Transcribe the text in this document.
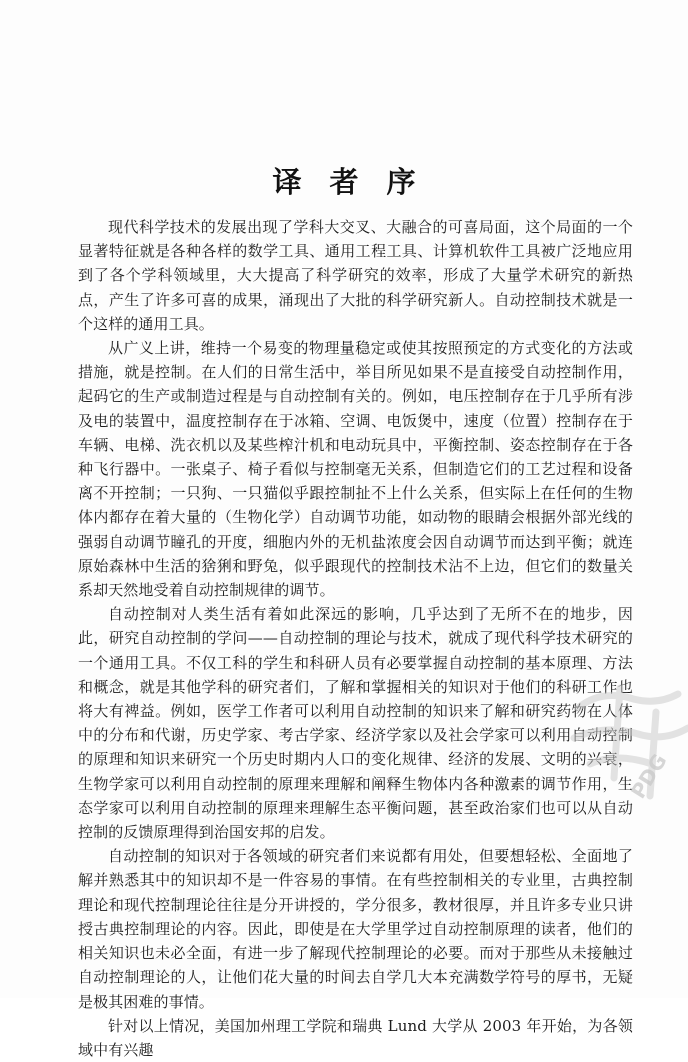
译者序

现代科学技术的发展出现了学科大交叉、大融合的可喜局面，这个局面的一个显著特征就是各种各样的数学工具、通用工程工具、计算机软件工具被广泛地应用到了各个学科领域里，大大提高了科学研究的效率，形成了大量学术研究的新热点，产生了许多可喜的成果，涌现出了大批的科学研究新人。自动控制技术就是一个这样的通用工具。

从广义上讲，维持一个易变的物理量稳定或使其按照预定的方式变化的方法或措施，就是控制。在人们的日常生活中，举目所见如果不是直接受自动控制作用，起码它的生产或制造过程是与自动控制有关的。例如，电压控制存在于几乎所有涉及电的装置中，温度控制存在于冰箱、空调、电饭煲中，速度（位置）控制存在于车辆、电梯、洗衣机以及某些榨汁机和电动玩具中，平衡控制、姿态控制存在于各种飞行器中。一张桌子、椅子看似与控制毫无关系，但制造它们的工艺过程和设备离不开控制；一只狗、一只猫似乎跟控制扯不上什么关系，但实际上在任何的生物体内都存在着大量的（生物化学）自动调节功能，如动物的眼睛会根据外部光线的强弱自动调节瞳孔的开度，细胞内外的无机盐浓度会因自动调节而达到平衡；就连原始森林中生活的猞猁和野兔，似乎跟现代的控制技术沾不上边，但它们的数量关系却天然地受着自动控制规律的调节。

自动控制对人类生活有着如此深远的影响，几乎达到了无所不在的地步，因此，研究自动控制的学问——自动控制的理论与技术，就成了现代科学技术研究的一个通用工具。不仅工科的学生和科研人员有必要掌握自动控制的基本原理、方法和概念，就是其他学科的研究者们，了解和掌握相关的知识对于他们的科研工作也将大有裨益。例如，医学工作者可以利用自动控制的知识来了解和研究药物在人体中的分布和代谢，历史学家、考古学家、经济学家以及社会学家可以利用自动控制的原理和知识来研究一个历史时期内人口的变化规律、经济的发展、文明的兴衰，生物学家可以利用自动控制的原理来理解和阐释生物体内各种激素的调节作用，生态学家可以利用自动控制的原理来理解生态平衡问题，甚至政治家们也可以从自动控制的反馈原理得到治国安邦的启发。

自动控制的知识对于各领域的研究者们来说都有用处，但要想轻松、全面地了解并熟悉其中的知识却不是一件容易的事情。在有些控制相关的专业里，古典控制理论和现代控制理论往往是分开讲授的，学分很多，教材很厚，并且许多专业只讲授古典控制理论的内容。因此，即使是在大学里学过自动控制原理的读者，他们的相关知识也未必全面，有进一步了解现代控制理论的必要。而对于那些从未接触过自动控制理论的人，让他们花大量的时间去自学几大本充满数学符号的厚书，无疑是极其困难的事情。

针对以上情况，美国加州理工学院和瑞典 Lund 大学从 2003 年开始，为各领域中有兴趣

PDG
